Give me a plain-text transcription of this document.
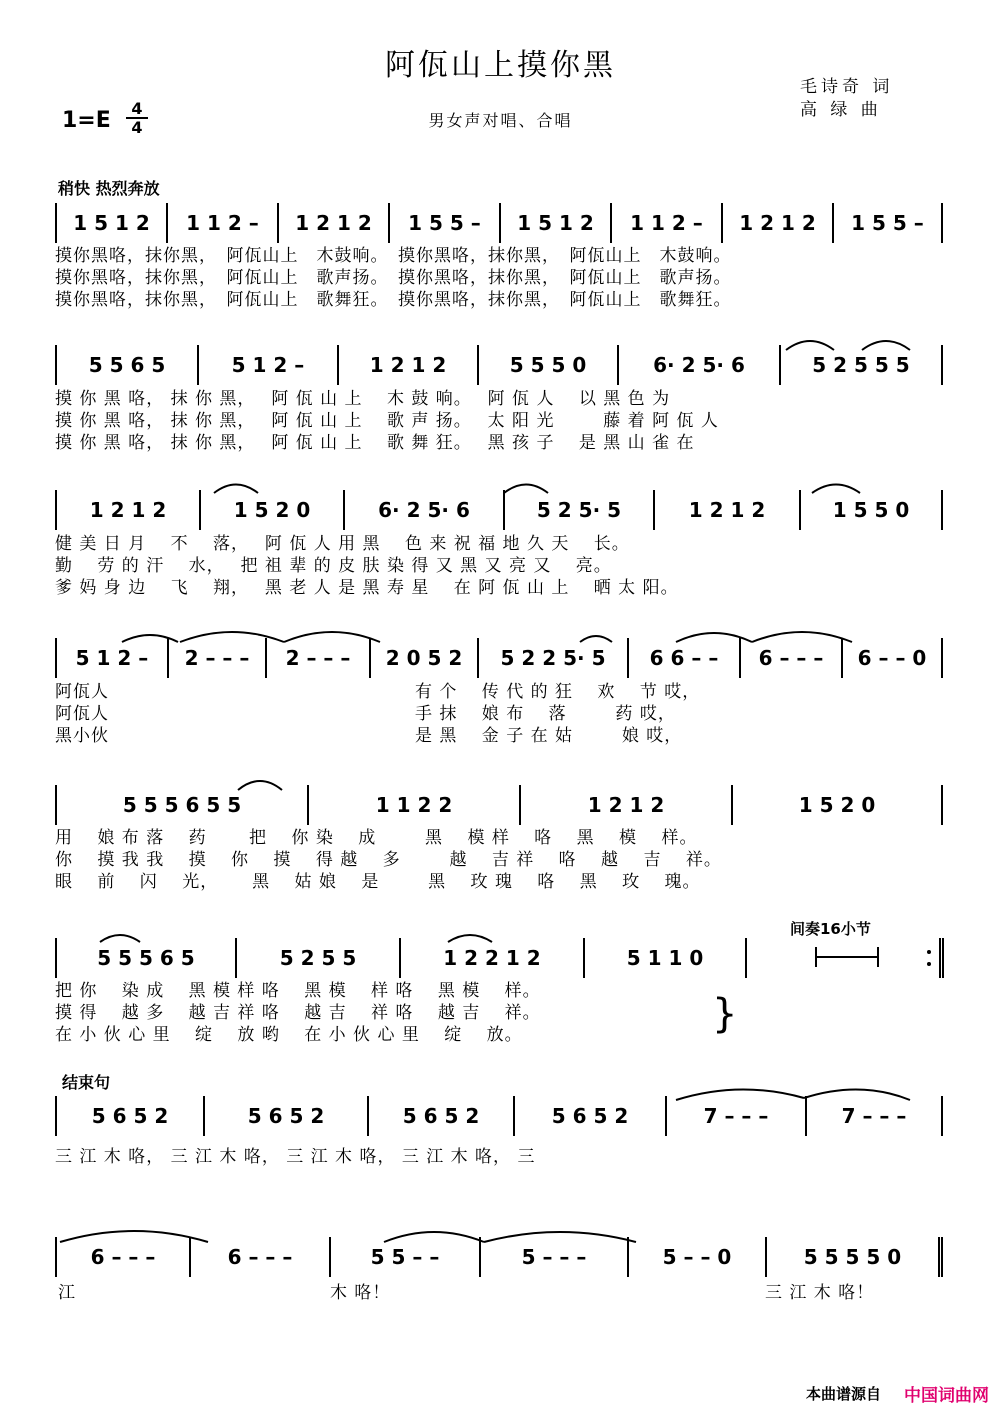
阿佤山上摸你黑
毛诗奇 词
高 绿 曲
1=E	4
4	男女声对唱、合唱
稍快 热烈奔放
1 5 1 2	1 1 2 –	1 2 1 2	1 5 5 –	1 5 1 2	1 1 2 –	1 2 1 2	1 5 5 –
摸你黑咯，抹你黑，　阿佤山上　木鼓响。　摸你黑咯，抹你黑，　阿佤山上　木鼓响。
摸你黑咯，抹你黑，　阿佤山上　歌声扬。　摸你黑咯，抹你黑，　阿佤山上　歌声扬。
摸你黑咯，抹你黑，　阿佤山上　歌舞狂。　摸你黑咯，抹你黑，　阿佤山上　歌舞狂。
5 5 6 5	5 1 2 –	1 2 1 2	5 5 5 0	6· 2 5· 6	5 2 5 5 5
摸 你 黑 咯， 抹 你 黑，　 阿 佤 山 上　 木 鼓 响。　 阿 佤 人　 以 黑 色 为
摸 你 黑 咯， 抹 你 黑，　 阿 佤 山 上　 歌 声 扬。　 太 阳 光　 　 藤 着 阿 佤 人
摸 你 黑 咯， 抹 你 黑，　 阿 佤 山 上　 歌 舞 狂。　 黑 孩 子　 是 黑 山 雀 在
1 2 1 2	1 5 2 0	6· 2 5· 6	5 2 5· 5	1 2 1 2	1 5 5 0
健 美 日 月　 不　 落，　 阿 佤 人 用 黑　 色 来 祝 福 地 久 天　 长。
勤　 劳 的 汗　 水，　 把 祖 辈 的 皮 肤 染 得 又 黑 又 亮 又　 亮。
爹 妈 身 边　 飞　 翔，　 黑 老 人 是 黑 寿 星　 在 阿 佤 山 上　 晒 太 阳。
5 1 2 –	2 – – –	2 – – –	2 0 5 2	5 2 2 5· 5	6 6 – –	6 – – –	6 – – 0
阿佤人
阿佤人
黑小伙
有 个　 传 代 的 狂　 欢　 节 哎，
手 抹　 娘 布　 落　 　 药 哎，
是 黑　 金 子 在 姑　 　 娘 哎，
5 5 5 6 5 5	1 1 2 2	1 2 1 2	1 5 2 0
用　 娘 布 落　 药　　 把　 你 染　 成　 　 黑　 模 样　 咯　 黑　 模　 样。
你　 摸 我 我　 摸　 你　 摸　 得 越　 多　 　 越　 吉 祥　 咯　 越　 吉　 祥。
眼　 前　 闪　 光，　　 黑　 姑 娘　 是　 　 黑　 玫 瑰　 咯　 黑　 玫　 瑰。
间奏16小节
5 5 5 6 5	5 2 5 5	1 2 2 1 2	5 1 1 0
把 你　 染 成　 黑 模 样 咯　 黑 模　 样 咯　 黑 模　 样。
摸 得　 越 多　 越 吉 祥 咯　 越 吉　 祥 咯　 越 吉　 祥。
在 小 伙 心 里　 绽　 放 哟　 在 小 伙 心 里　 绽　 放。	}
结束句
5 6 5 2	5 6 5 2	5 6 5 2	5 6 5 2	7 – – –	7 – – –
三 江 木 咯， 三 江 木 咯， 三 江 木 咯， 三 江 木 咯， 三
6 – – –	6 – – –	5 5 – –	5 – – –	5 – – 0	5 5 5 5 0
江	木 咯！	三 江 木 咯！
本曲谱源自 中国词曲网
